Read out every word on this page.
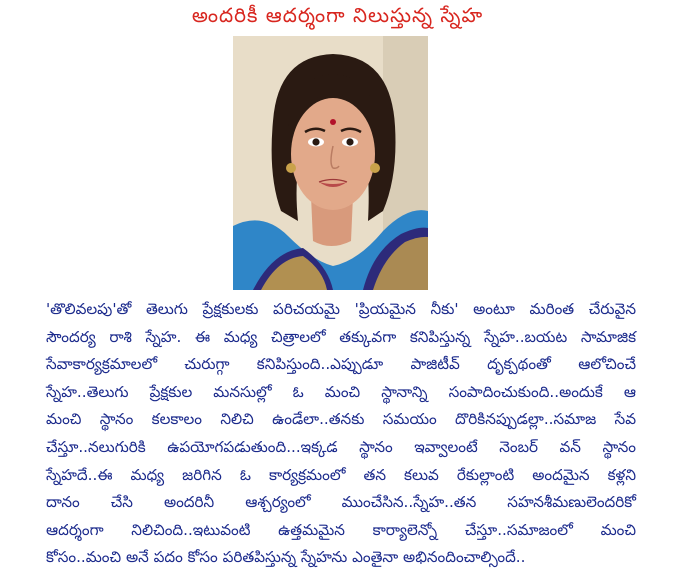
అందరికీ ఆదర్శంగా నిలుస్తున్న స్నేహ
'తొలివలపు'తో తెలుగు ప్రేక్షకులకు పరిచయమై 'ప్రియమైన నీకు' అంటూ మరింత చేరువైన
సౌందర్య రాశి స్నేహ. ఈ మధ్య చిత్రాలలో తక్కువగా కనిపిస్తున్న స్నేహ..బయట సామాజిక
సేవాకార్యక్రమాలలో చురుగ్గా కనిపిస్తుంది..ఎప్పుడూ పాజిటీవ్ దృక్పథంతో ఆలోచించే
స్నేహ..తెలుగు ప్రేక్షకుల మనసుల్లో ఓ మంచి స్థానాన్ని సంపాదించుకుంది..అందుకే ఆ
మంచి స్థానం కలకాలం నిలిచి ఉండేలా..తనకు సమయం దొరికినప్పుడల్లా..సమాజ సేవ
చేస్తూ..నలుగురికి ఉపయోగపడుతుంది...ఇక్కడ స్థానం ఇవ్వాలంటే నెంబర్ వన్ స్థానం
స్నేహదే..ఈ మధ్య జరిగిన ఓ కార్యక్రమంలో తన కలువ రేకుల్లాంటి అందమైన కళ్లని
దానం చేసి అందరినీ ఆశ్చర్యంలో ముంచేసిన..స్నేహ..తన సహనశీమణులెందరికో
ఆదర్శంగా నిలిచింది..ఇటువంటి ఉత్తమమైన కార్యాలెన్నో చేస్తూ..సమాజంలో మంచి
కోసం..మంచి అనే పదం కోసం పరితపిస్తున్న స్నేహను ఎంతైనా అభినందించాల్సిందే..
